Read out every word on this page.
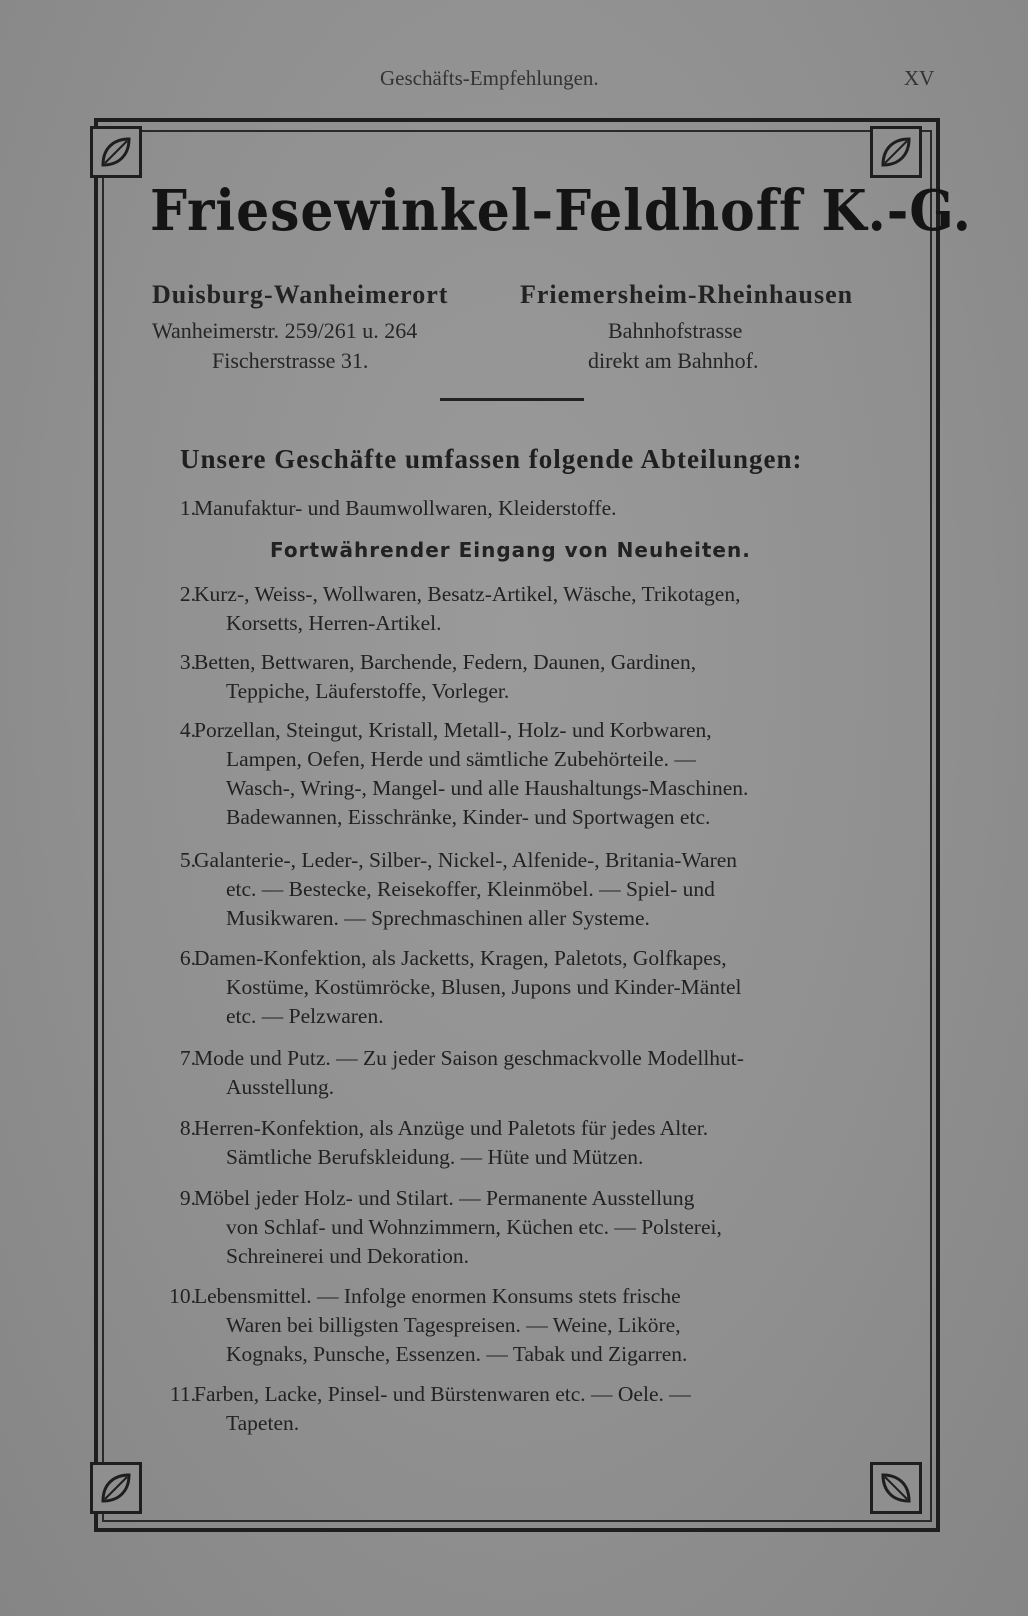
Geschäfts-Empfehlungen.	XV
Friesewinkel-Feldhoff K.-G.
Duisburg-Wanheimerort
Wanheimerstr. 259/261 u. 264
Fischerstrasse 31.
Friemersheim-Rheinhausen
Bahnhofstrasse
direkt am Bahnhof.
Unsere Geschäfte umfassen folgende Abteilungen:
1.
Manufaktur- und Baumwollwaren, Kleiderstoffe.
2.
Kurz-, Weiss-, Wollwaren, Besatz-Artikel, Wäsche, Trikotagen,
Korsetts, Herren-Artikel.
3.
Betten, Bettwaren, Barchende, Federn, Daunen, Gardinen,
Teppiche, Läuferstoffe, Vorleger.
4.
Porzellan, Steingut, Kristall, Metall-, Holz- und Korbwaren,
Lampen, Oefen, Herde und sämtliche Zubehörteile. —
Wasch-, Wring-, Mangel- und alle Haushaltungs-Maschinen.
Badewannen, Eisschränke, Kinder- und Sportwagen etc.
5.
Galanterie-, Leder-, Silber-, Nickel-, Alfenide-, Britania-Waren
etc. — Bestecke, Reisekoffer, Kleinmöbel. — Spiel- und
Musikwaren. — Sprechmaschinen aller Systeme.
6.
Damen-Konfektion, als Jacketts, Kragen, Paletots, Golfkapes,
Kostüme, Kostümröcke, Blusen, Jupons und Kinder-Mäntel
etc. — Pelzwaren.
7.
Mode und Putz. — Zu jeder Saison geschmackvolle Modellhut-
Ausstellung.
8.
Herren-Konfektion, als Anzüge und Paletots für jedes Alter.
Sämtliche Berufskleidung. — Hüte und Mützen.
9.
Möbel jeder Holz- und Stilart. — Permanente Ausstellung
von Schlaf- und Wohnzimmern, Küchen etc. — Polsterei,
Schreinerei und Dekoration.
10.
Lebensmittel. — Infolge enormen Konsums stets frische
Waren bei billigsten Tagespreisen. — Weine, Liköre,
Kognaks, Punsche, Essenzen. — Tabak und Zigarren.
11.
Farben, Lacke, Pinsel- und Bürstenwaren etc. — Oele. —
Tapeten.
Fortwährender Eingang von Neuheiten.
